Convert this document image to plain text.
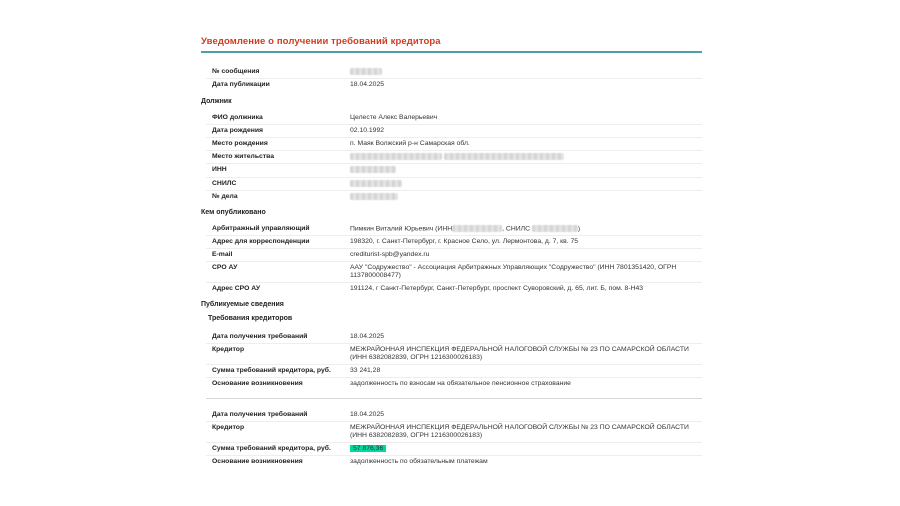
Уведомление о получении требований кредитора
№ сообщения	
Дата публикации	18.04.2025
Должник
ФИО должника	Целесте Алекс Валерьевич
Дата рождения	02.10.1992
Место рождения	п. Маяк Волжский р-н Самарская обл.
Место жительства	
ИНН	
СНИЛС	
№ дела	
Кем опубликовано
Арбитражный управляющий	Пимкин Виталий Юрьевич (ИНН , СНИЛС )
Адрес для корреспонденции	198320, г. Санкт-Петербург, г. Красное Село, ул. Лермонтова, д. 7, кв. 75
E-mail	crediturist-spb@yandex.ru
СРО АУ	ААУ "Содружество" - Ассоциация Арбитражных Управляющих "Содружество" (ИНН 7801351420, ОГРН 1137800008477)
Адрес СРО АУ	191124, г Санкт-Петербург, Санкт-Петербург, проспект Суворовский, д. 65, лит. Б, пом. 8-Н43
Публикуемые сведения
Требования кредиторов
Дата получения требований	18.04.2025
Кредитор	МЕЖРАЙОННАЯ ИНСПЕКЦИЯ ФЕДЕРАЛЬНОЙ НАЛОГОВОЙ СЛУЖБЫ № 23 ПО САМАРСКОЙ ОБЛАСТИ (ИНН 6382082839, ОГРН 1216300026183)
Сумма требований кредитора, руб.	33 241,28
Основание возникновения	задолженность по взносам на обязательное пенсионное страхование
Дата получения требований	18.04.2025
Кредитор	МЕЖРАЙОННАЯ ИНСПЕКЦИЯ ФЕДЕРАЛЬНОЙ НАЛОГОВОЙ СЛУЖБЫ № 23 ПО САМАРСКОЙ ОБЛАСТИ (ИНН 6382082839, ОГРН 1216300026183)
Сумма требований кредитора, руб.	57 876,36
Основание возникновения	задолженность по обязательным платежам
